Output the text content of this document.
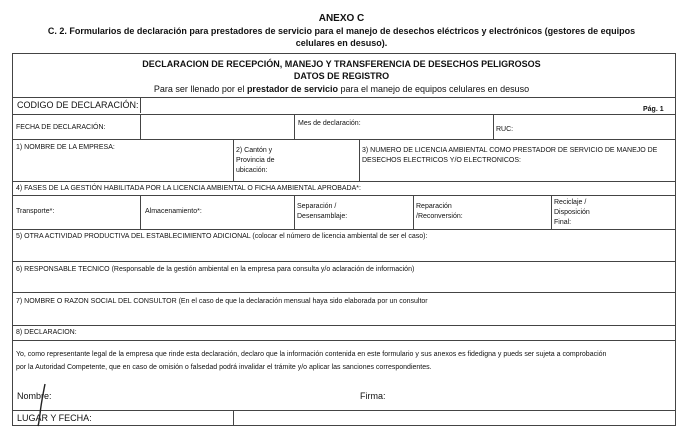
ANEXO C
C. 2. Formularios de declaración para prestadores de servicio para el manejo de desechos eléctricos y electrónicos (gestores de equipos
celulares en desuso).
DECLARACION DE RECEPCIÓN, MANEJO Y TRANSFERENCIA DE DESECHOS PELIGROSOS
DATOS DE REGISTRO
Para ser llenado por el prestador de servicio para el manejo de equipos celulares en desuso
CODIGO DE DECLARACIÓN:	Pág. 1
FECHA DE DECLARACIÓN:
Mes de declaración:
RUC:
1) NOMBRE DE LA EMPRESA:	2) Cantón y
Provincia de
ubicación:
3) NUMERO DE LICENCIA AMBIENTAL COMO PRESTADOR DE SERVICIO DE MANEJO DE
DESECHOS ELECTRICOS Y/O ELECTRONICOS:
4) FASES DE LA GESTIÓN HABILITADA POR LA LICENCIA AMBIENTAL O FICHA AMBIENTAL APROBADA*:
Transporte*:	Almacenamiento*:
Separación /
Desensamblaje:
Reparación
/Reconversión:
Reciclaje /
Disposición
Final:
5) OTRA ACTIVIDAD PRODUCTIVA DEL ESTABLECIMIENTO ADICIONAL (colocar el número de licencia ambiental de ser el caso):
6) RESPONSABLE TECNICO (Responsable de la gestión ambiental en la empresa para consulta y/o aclaración de información)
7) NOMBRE O RAZON SOCIAL DEL CONSULTOR (En el caso de que la declaración mensual haya sido elaborada por un consultor
8) DECLARACION:
Yo, como representante legal de la empresa que rinde esta declaración, declaro que la información contenida en este formulario y sus anexos es fidedigna y pueds ser sujeta a comprobación
por la Autoridad Competente, que en caso de omisión o falsedad podrá invalidar el trámite y/o aplicar las sanciones correspondientes.
Nombre:	Firma:
LUGAR Y FECHA:
